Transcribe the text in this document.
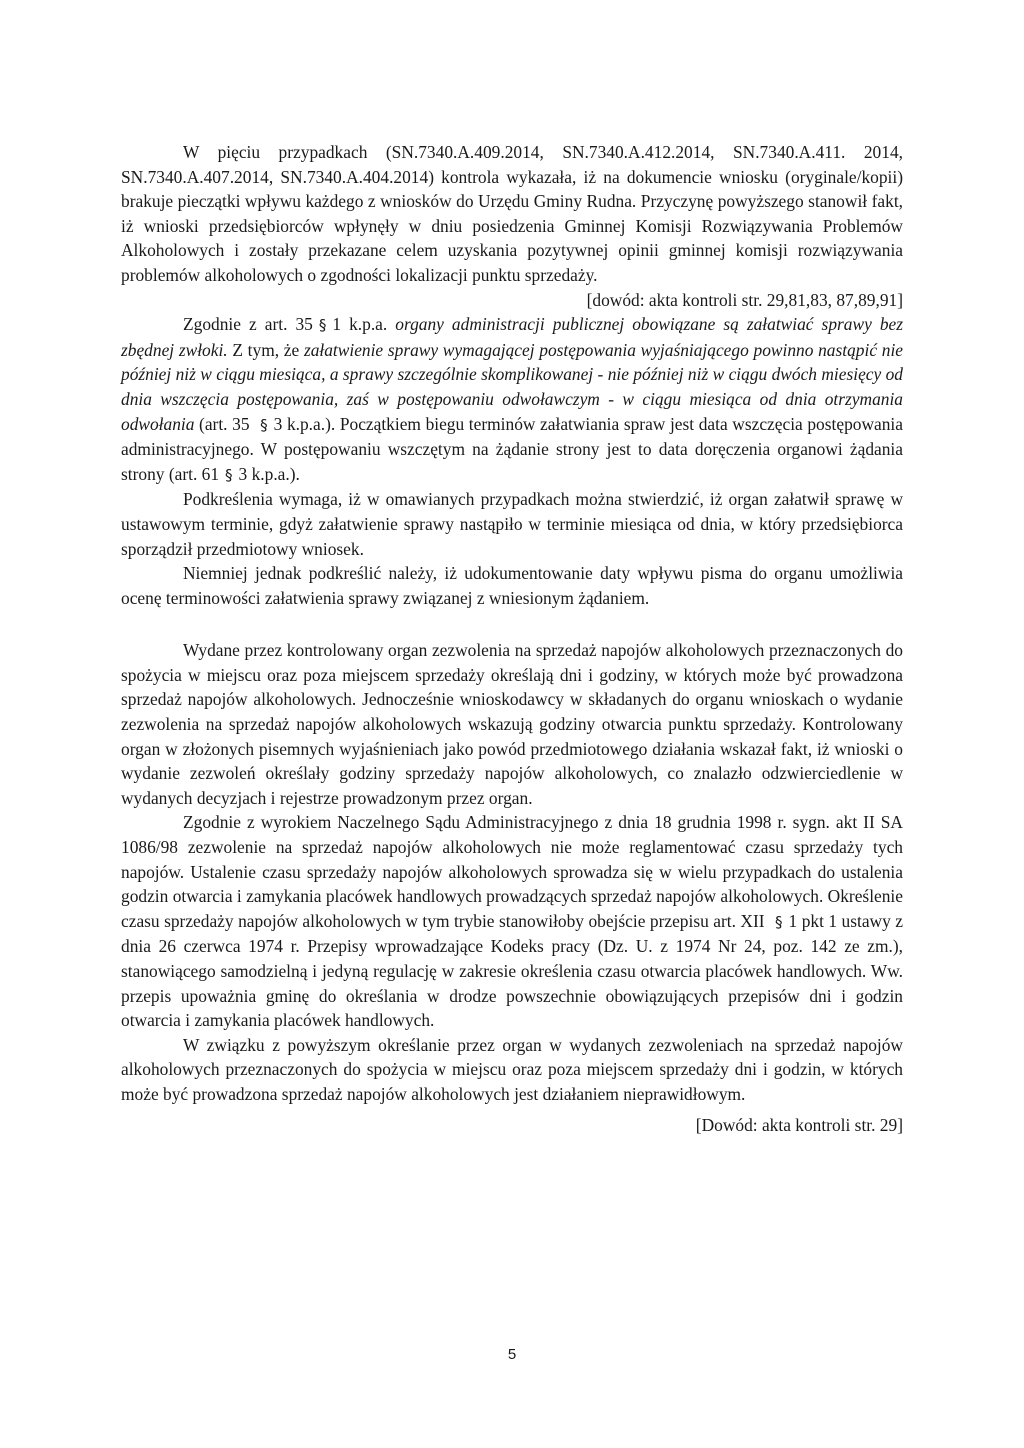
W pięciu przypadkach (SN.7340.A.409.2014, SN.7340.A.412.2014, SN.7340.A.411. 2014, SN.7340.A.407.2014, SN.7340.A.404.2014) kontrola wykazała, iż na dokumencie wniosku (oryginale/kopii) brakuje pieczątki wpływu każdego z wniosków do Urzędu Gminy Rudna. Przyczynę powyższego stanowił fakt, iż wnioski przedsiębiorców wpłynęły w dniu posiedzenia Gminnej Komisji Rozwiązywania Problemów Alkoholowych i zostały przekazane celem uzyskania pozytywnej opinii gminnej komisji rozwiązywania problemów alkoholowych o zgodności lokalizacji punktu sprzedaży.

[dowód: akta kontroli str. 29,81,83, 87,89,91]

Zgodnie z art. 35 § 1 k.p.a. organy administracji publicznej obowiązane są załatwiać sprawy bez zbędnej zwłoki. Z tym, że załatwienie sprawy wymagającej postępowania wyjaśniającego powinno nastąpić nie później niż w ciągu miesiąca, a sprawy szczególnie skomplikowanej - nie później niż w ciągu dwóch miesięcy od dnia wszczęcia postępowania, zaś w postępowaniu odwoławczym - w ciągu miesiąca od dnia otrzymania odwołania (art. 35 § 3 k.p.a.). Początkiem biegu terminów załatwiania spraw jest data wszczęcia postępowania administracyjnego. W postępowaniu wszczętym na żądanie strony jest to data doręczenia organowi żądania strony (art. 61 § 3 k.p.a.).

Podkreślenia wymaga, iż w omawianych przypadkach można stwierdzić, iż organ załatwił sprawę w ustawowym terminie, gdyż załatwienie sprawy nastąpiło w terminie miesiąca od dnia, w który przedsiębiorca sporządził przedmiotowy wniosek.

Niemniej jednak podkreślić należy, iż udokumentowanie daty wpływu pisma do organu umożliwia ocenę terminowości załatwienia sprawy związanej z wniesionym żądaniem.

Wydane przez kontrolowany organ zezwolenia na sprzedaż napojów alkoholowych przeznaczonych do spożycia w miejscu oraz poza miejscem sprzedaży określają dni i godziny, w których może być prowadzona sprzedaż napojów alkoholowych. Jednocześnie wnioskodawcy w składanych do organu wnioskach o wydanie zezwolenia na sprzedaż napojów alkoholowych wskazują godziny otwarcia punktu sprzedaży. Kontrolowany organ w złożonych pisemnych wyjaśnieniach jako powód przedmiotowego działania wskazał fakt, iż wnioski o wydanie zezwoleń określały godziny sprzedaży napojów alkoholowych, co znalazło odzwierciedlenie w wydanych decyzjach i rejestrze prowadzonym przez organ.

Zgodnie z wyrokiem Naczelnego Sądu Administracyjnego z dnia 18 grudnia 1998 r. sygn. akt II SA 1086/98 zezwolenie na sprzedaż napojów alkoholowych nie może reglamentować czasu sprzedaży tych napojów. Ustalenie czasu sprzedaży napojów alkoholowych sprowadza się w wielu przypadkach do ustalenia godzin otwarcia i zamykania placówek handlowych prowadzących sprzedaż napojów alkoholowych. Określenie czasu sprzedaży napojów alkoholowych w tym trybie stanowiłoby obejście przepisu art. XII § 1 pkt 1 ustawy z dnia 26 czerwca 1974 r. Przepisy wprowadzające Kodeks pracy (Dz. U. z 1974 Nr 24, poz. 142 ze zm.), stanowiącego samodzielną i jedyną regulację w zakresie określenia czasu otwarcia placówek handlowych. Ww. przepis upoważnia gminę do określania w drodze powszechnie obowiązujących przepisów dni i godzin otwarcia i zamykania placówek handlowych.

W związku z powyższym określanie przez organ w wydanych zezwoleniach na sprzedaż napojów alkoholowych przeznaczonych do spożycia w miejscu oraz poza miejscem sprzedaży dni i godzin, w których może być prowadzona sprzedaż napojów alkoholowych jest działaniem nieprawidłowym.

[Dowód: akta kontroli str. 29]

5
